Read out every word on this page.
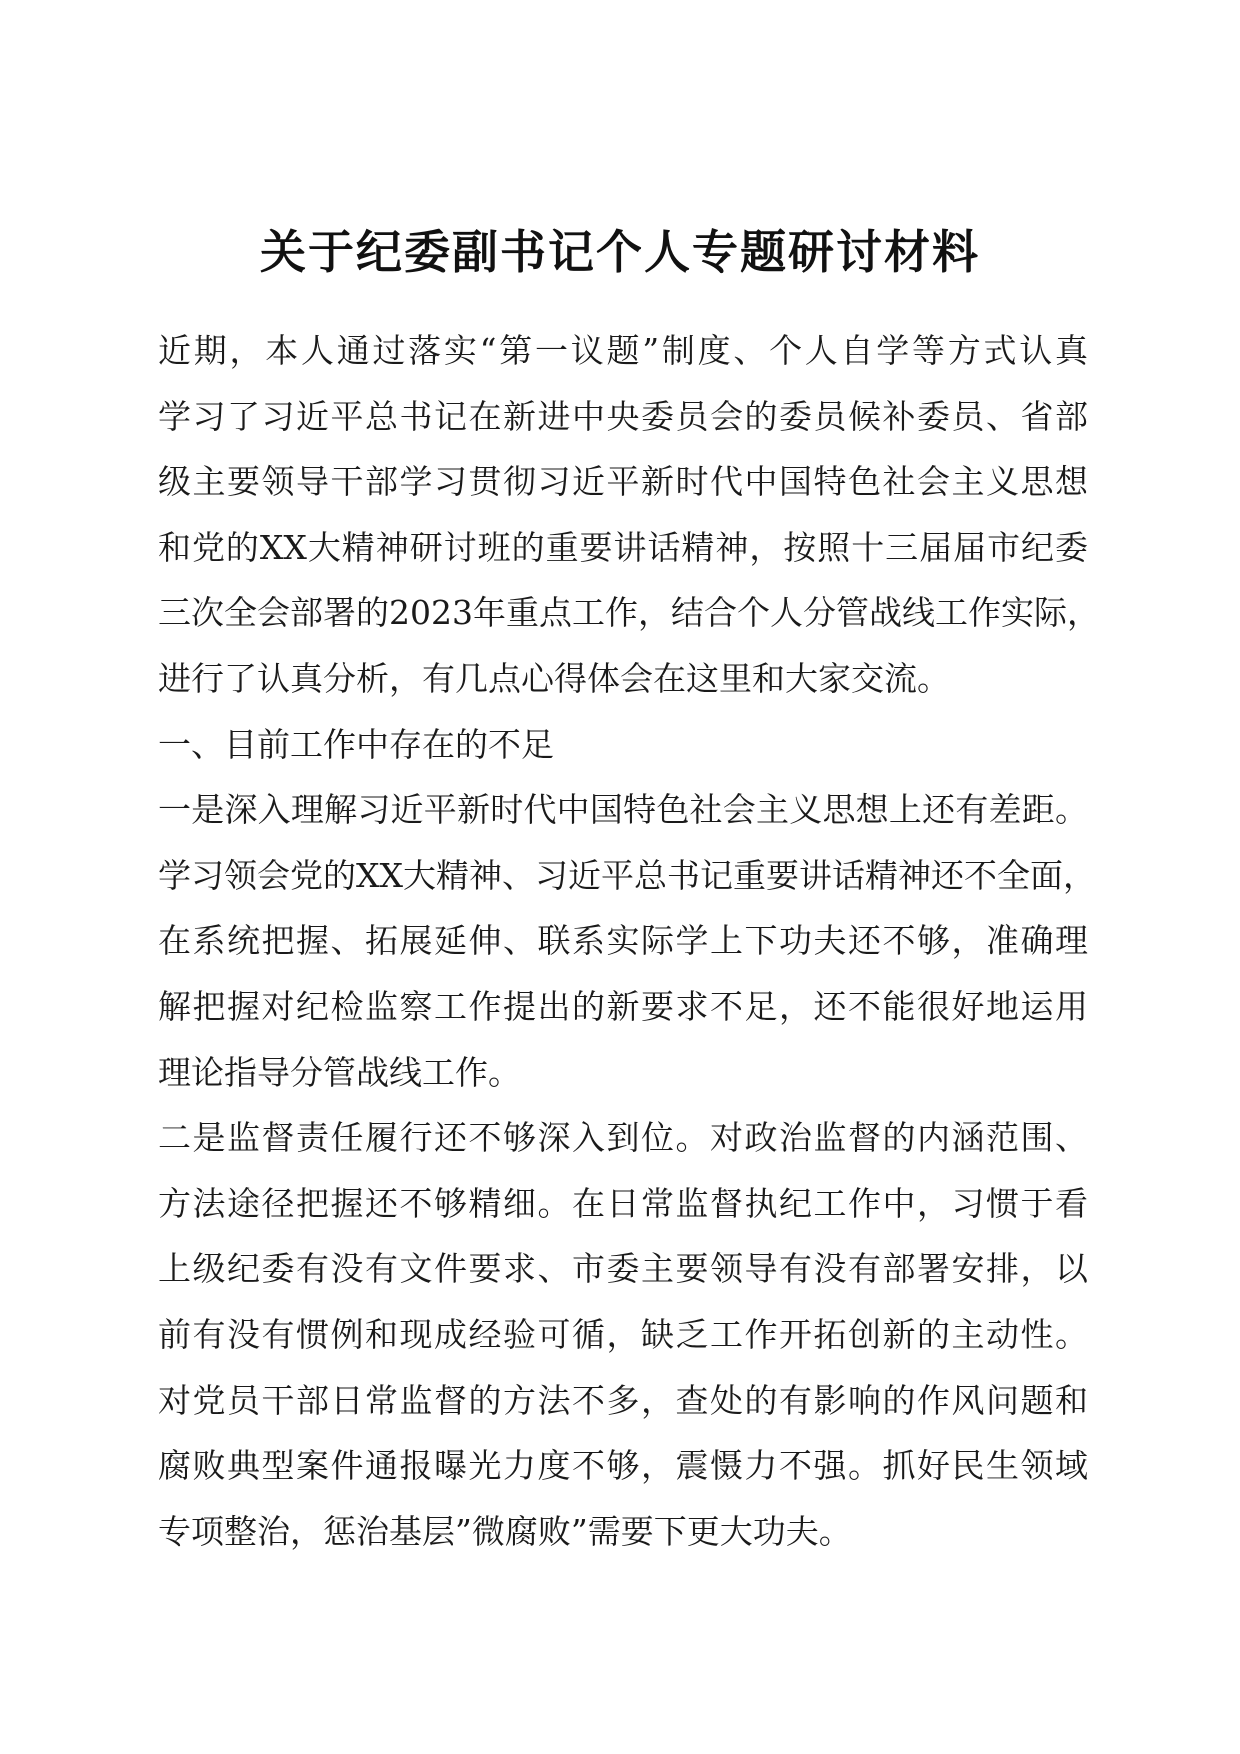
关于纪委副书记个人专题研讨材料
近期，本人通过落实“第一议题”制度、个人自学等方式认真
学习了习近平总书记在新进中央委员会的委员候补委员、省部
级主要领导干部学习贯彻习近平新时代中国特色社会主义思想
和党的XX大精神研讨班的重要讲话精神，按照十三届届市纪委
三次全会部署的2023年重点工作，结合个人分管战线工作实际，
进行了认真分析，有几点心得体会在这里和大家交流。
一、目前工作中存在的不足
一是深入理解习近平新时代中国特色社会主义思想上还有差距。
学习领会党的XX大精神、习近平总书记重要讲话精神还不全面，
在系统把握、拓展延伸、联系实际学上下功夫还不够，准确理
解把握对纪检监察工作提出的新要求不足，还不能很好地运用
理论指导分管战线工作。
二是监督责任履行还不够深入到位。对政治监督的内涵范围、
方法途径把握还不够精细。在日常监督执纪工作中，习惯于看
上级纪委有没有文件要求、市委主要领导有没有部署安排，以
前有没有惯例和现成经验可循，缺乏工作开拓创新的主动性。
对党员干部日常监督的方法不多，查处的有影响的作风问题和
腐败典型案件通报曝光力度不够，震慑力不强。抓好民生领域
专项整治，惩治基层”微腐败”需要下更大功夫。
